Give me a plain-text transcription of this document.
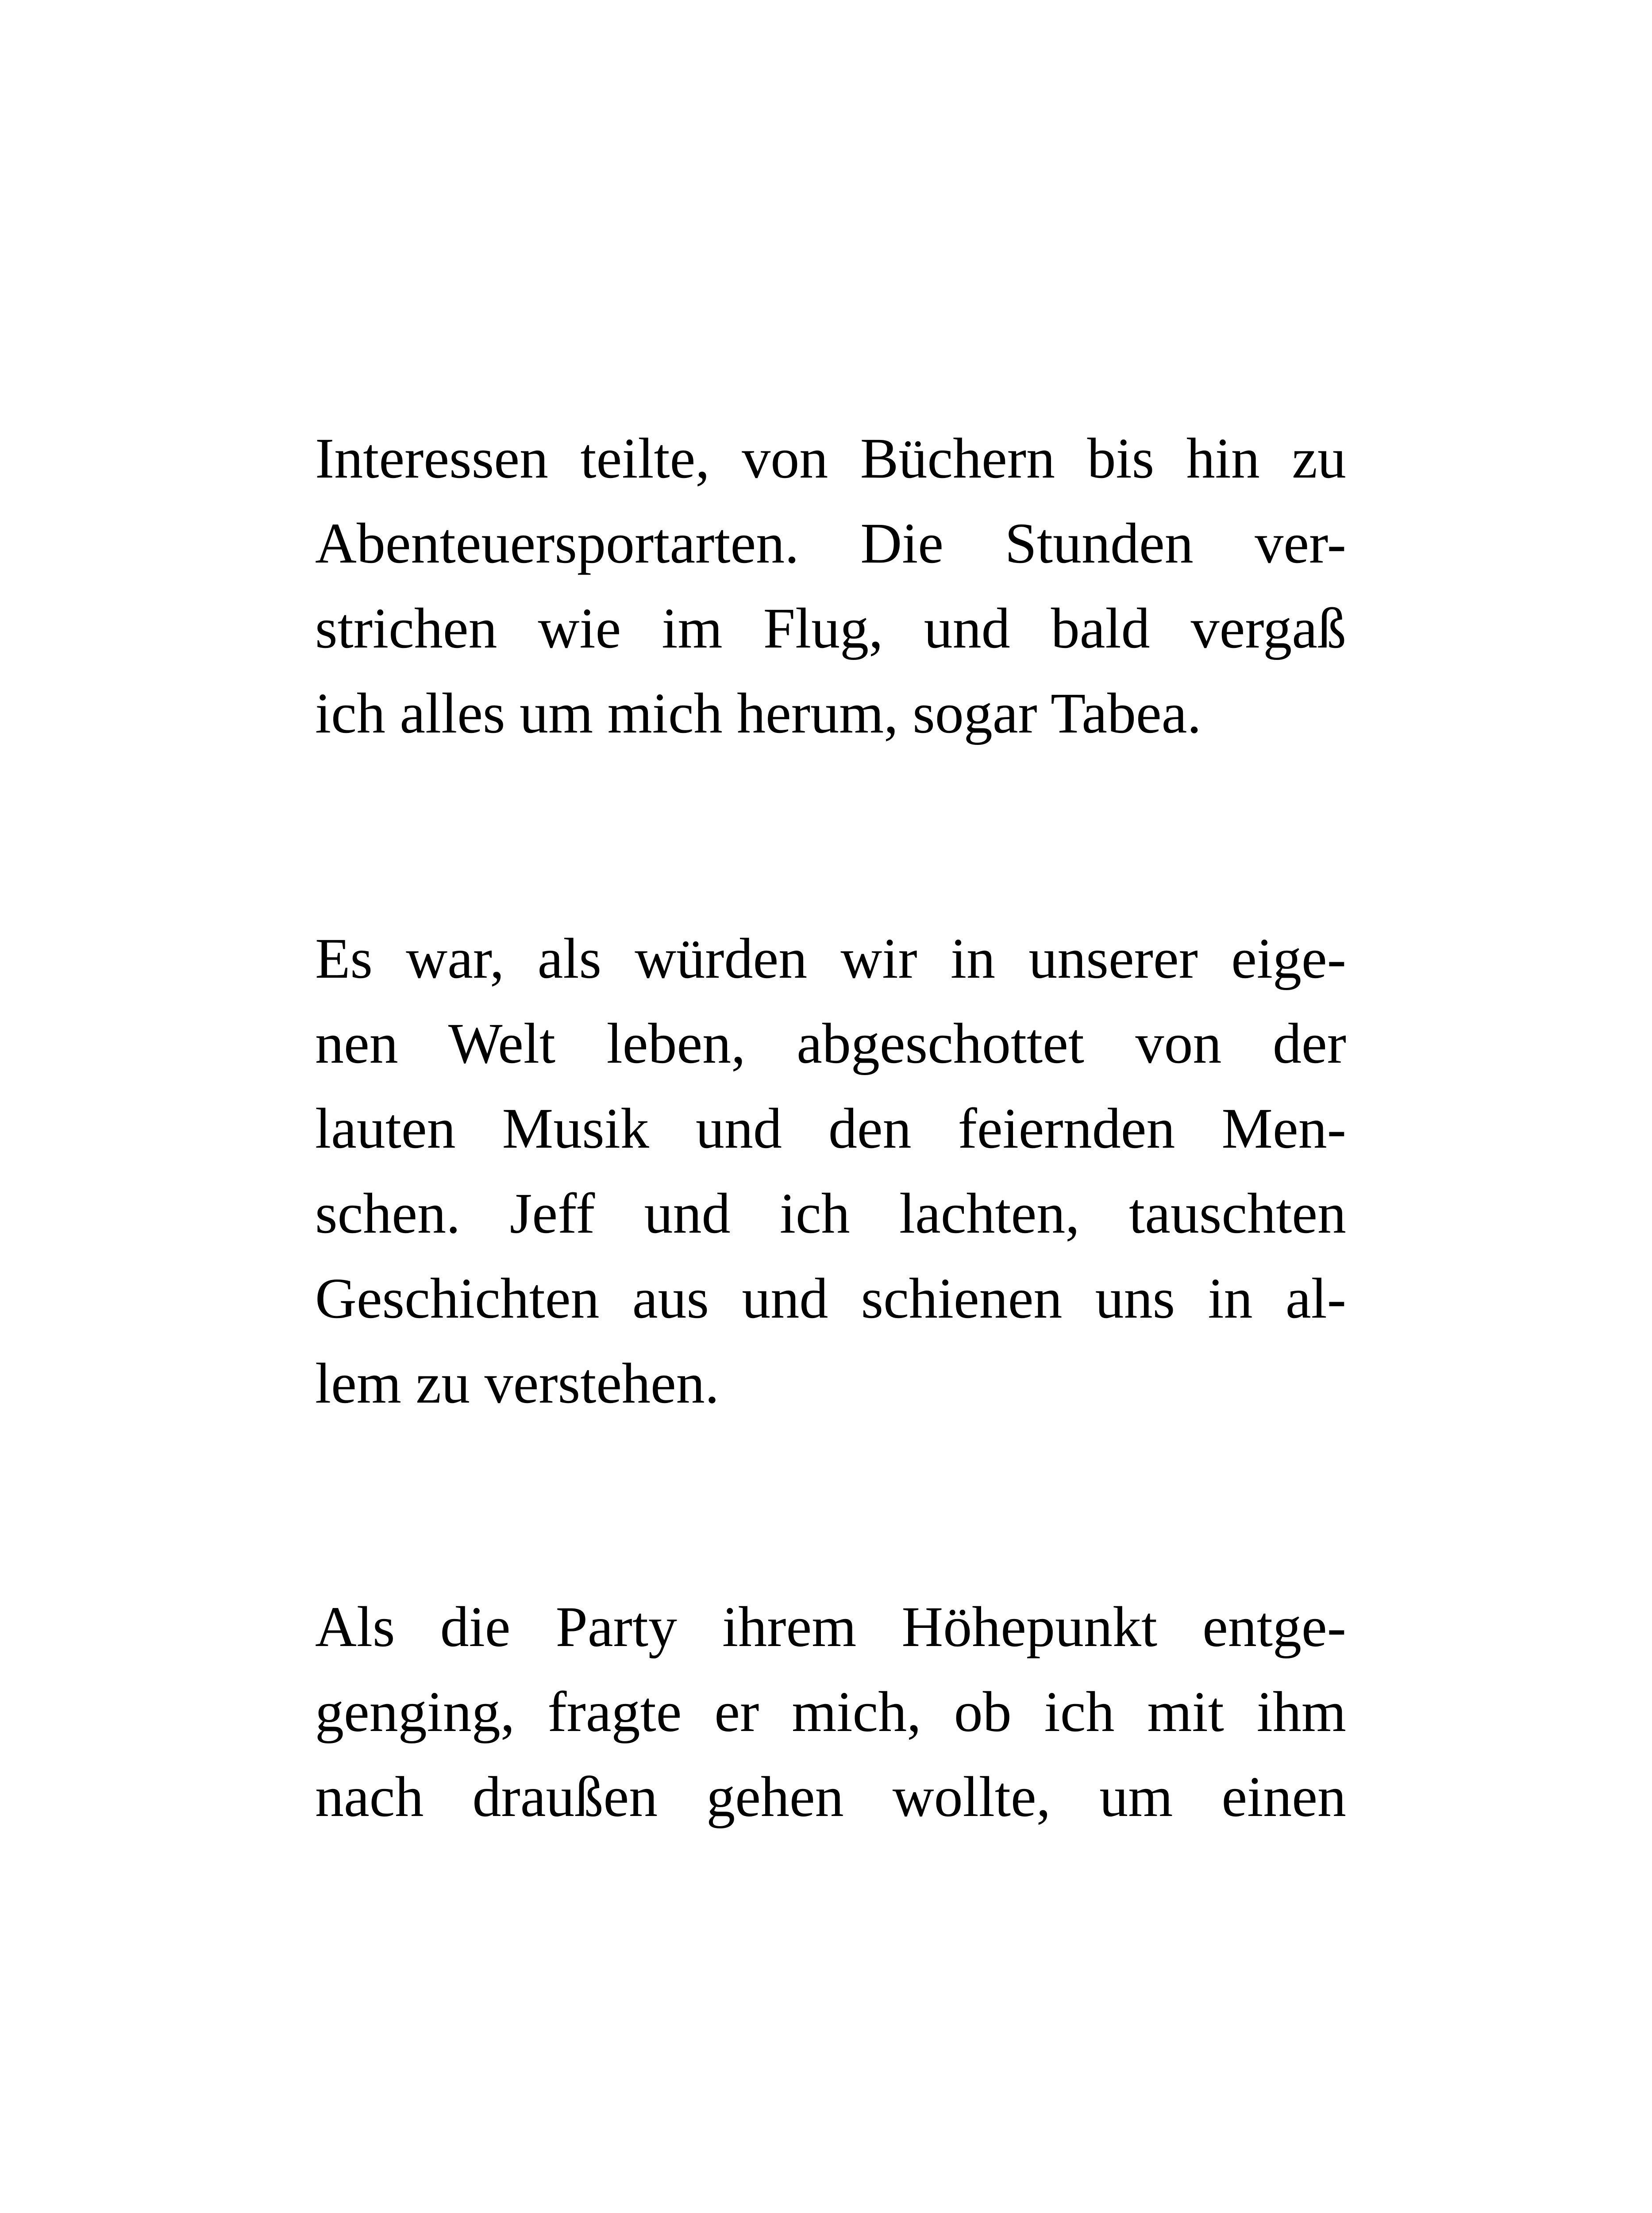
Interessen teilte, von Büchern bis hin zu
Abenteuersportarten. Die Stunden ver-
strichen wie im Flug, und bald vergaß
ich alles um mich herum, sogar Tabea.
Es war, als würden wir in unserer eige-
nen Welt leben, abgeschottet von der
lauten Musik und den feiernden Men-
schen. Jeff und ich lachten, tauschten
Geschichten aus und schienen uns in al-
lem zu verstehen.
Als die Party ihrem Höhepunkt entge-
genging, fragte er mich, ob ich mit ihm
nach draußen gehen wollte, um einen
